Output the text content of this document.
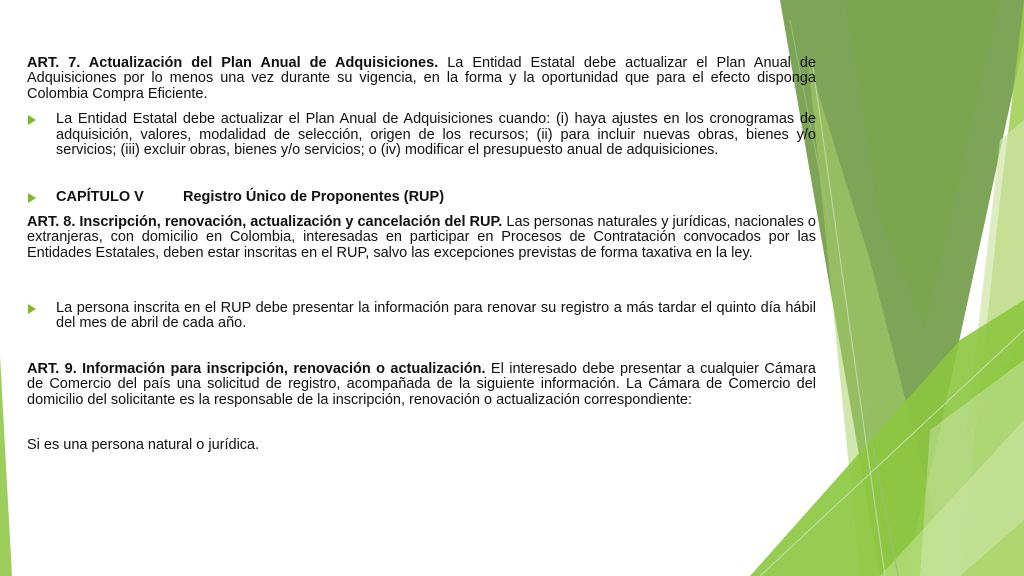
ART. 7. Actualización del Plan Anual de Adquisiciones. La Entidad Estatal debe actualizar el Plan Anual de Adquisiciones por lo menos una vez durante su vigencia, en la forma y la oportunidad que para el efecto disponga Colombia Compra Eficiente.

La Entidad Estatal debe actualizar el Plan Anual de Adquisiciones cuando: (i) haya ajustes en los cronogramas de adquisición, valores, modalidad de selección, origen de los recursos; (ii) para incluir nuevas obras, bienes y/o servicios; (iii) excluir obras, bienes y/o servicios; o (iv) modificar el presupuesto anual de adquisiciones.
CAPÍTULO V	Registro Único de Proponentes (RUP)

ART. 8. Inscripción, renovación, actualización y cancelación del RUP. Las personas naturales y jurídicas, nacionales o extranjeras, con domicilio en Colombia, interesadas en participar en Procesos de Contratación convocados por las Entidades Estatales, deben estar inscritas en el RUP, salvo las excepciones previstas de forma taxativa en la ley.

La persona inscrita en el RUP debe presentar la información para renovar su registro a más tardar el quinto día hábil del mes de abril de cada año.

ART. 9. Información para inscripción, renovación o actualización. El interesado debe presentar a cualquier Cámara de Comercio del país una solicitud de registro, acompañada de la siguiente información. La Cámara de Comercio del domicilio del solicitante es la responsable de la inscripción, renovación o actualización correspondiente:

Si es una persona natural o jurídica.
